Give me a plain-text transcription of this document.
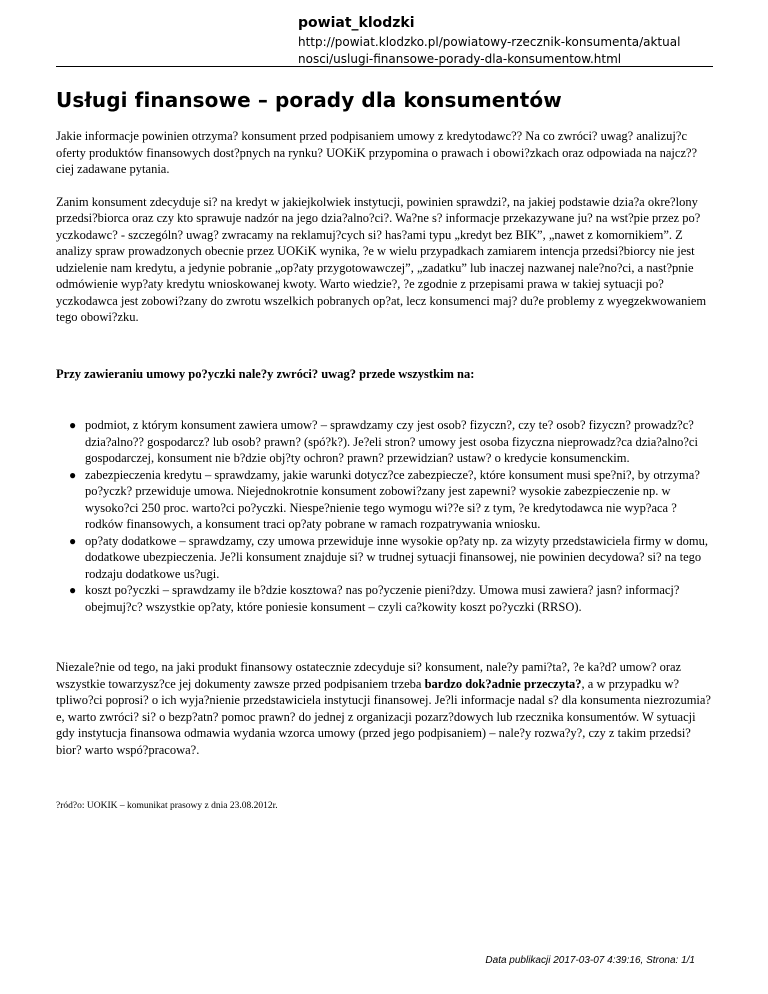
powiat_klodzki

http://powiat.klodzko.pl/powiatowy-rzecznik-konsumenta/aktual
nosci/uslugi-finansowe-porady-dla-konsumentow.html

Usługi finansowe – porady dla konsumentów

Jakie informacje powinien otrzyma? konsument przed podpisaniem umowy z kredytodawc?? Na co zwróci? uwag? analizuj?c oferty produktów finansowych dost?pnych na rynku? UOKiK przypomina o prawach i obowi?zkach oraz odpowiada na najcz??ciej zadawane pytania.

Zanim konsument zdecyduje si? na kredyt w jakiejkolwiek instytucji, powinien sprawdzi?, na jakiej podstawie dzia?a okre?lony przedsi?biorca oraz czy kto sprawuje nadzór na jego dzia?alno?ci?. Wa?ne s? informacje przekazywane ju? na wst?pie przez po?yczkodawc? - szczególn? uwag? zwracamy na reklamuj?cych si? has?ami typu „kredyt bez BIK”, „nawet z komornikiem”. Z analizy spraw prowadzonych obecnie przez UOKiK wynika, ?e w wielu przypadkach zamiarem intencja przedsi?biorcy nie jest udzielenie nam kredytu, a jedynie pobranie „op?aty przygotowawczej”, „zadatku” lub inaczej nazwanej nale?no?ci, a nast?pnie odmówienie wyp?aty kredytu wnioskowanej kwoty. Warto wiedzie?, ?e zgodnie z przepisami prawa w takiej sytuacji po?yczkodawca jest zobowi?zany do zwrotu wszelkich pobranych op?at, lecz konsumenci maj? du?e problemy z wyegzekwowaniem tego obowi?zku.

Przy zawieraniu umowy po?yczki nale?y zwróci? uwag? przede wszystkim na:

● podmiot, z którym konsument zawiera umow? – sprawdzamy czy jest osob? fizyczn?, czy te? osob? fizyczn? prowadz?c? dzia?alno?? gospodarcz? lub osob? prawn? (spó?k?). Je?eli stron? umowy jest osoba fizyczna nieprowadz?ca dzia?alno?ci gospodarczej, konsument nie b?dzie obj?ty ochron? prawn? przewidzian? ustaw? o kredycie konsumenckim.
● zabezpieczenia kredytu – sprawdzamy, jakie warunki dotycz?ce zabezpiecze?, które konsument musi spe?ni?, by otrzyma? po?yczk? przewiduje umowa. Niejednokrotnie konsument zobowi?zany jest zapewni? wysokie zabezpieczenie np. w wysoko?ci 250 proc. warto?ci po?yczki. Niespe?nienie tego wymogu wi??e si? z tym, ?e kredytodawca nie wyp?aca ?rodków finansowych, a konsument traci op?aty pobrane w ramach rozpatrywania wniosku.
● op?aty dodatkowe – sprawdzamy, czy umowa przewiduje inne wysokie op?aty np. za wizyty przedstawiciela firmy w domu, dodatkowe ubezpieczenia. Je?li konsument znajduje si? w trudnej sytuacji finansowej, nie powinien decydowa? si? na tego rodzaju dodatkowe us?ugi.
● koszt po?yczki – sprawdzamy ile b?dzie kosztowa? nas po?yczenie pieni?dzy. Umowa musi zawiera? jasn? informacj? obejmuj?c? wszystkie op?aty, które poniesie konsument – czyli ca?kowity koszt po?yczki (RRSO).

Niezale?nie od tego, na jaki produkt finansowy ostatecznie zdecyduje si? konsument, nale?y pami?ta?, ?e ka?d? umow? oraz wszystkie towarzysz?ce jej dokumenty zawsze przed podpisaniem trzeba bardzo dok?adnie przeczyta?, a w przypadku w?tpliwo?ci poprosi? o ich wyja?nienie przedstawiciela instytucji finansowej. Je?li informacje nadal s? dla konsumenta niezrozumia?e, warto zwróci? si? o bezp?atn? pomoc prawn? do jednej z organizacji pozarz?dowych lub rzecznika konsumentów. W sytuacji gdy instytucja finansowa odmawia wydania wzorca umowy (przed jego podpisaniem) – nale?y rozwa?y?, czy z takim przedsi?bior? warto wspó?pracowa?.

?ród?o: UOKIK – komunikat prasowy z dnia 23.08.2012r.

Data publikacji 2017-03-07 4:39:16, Strona: 1/1
